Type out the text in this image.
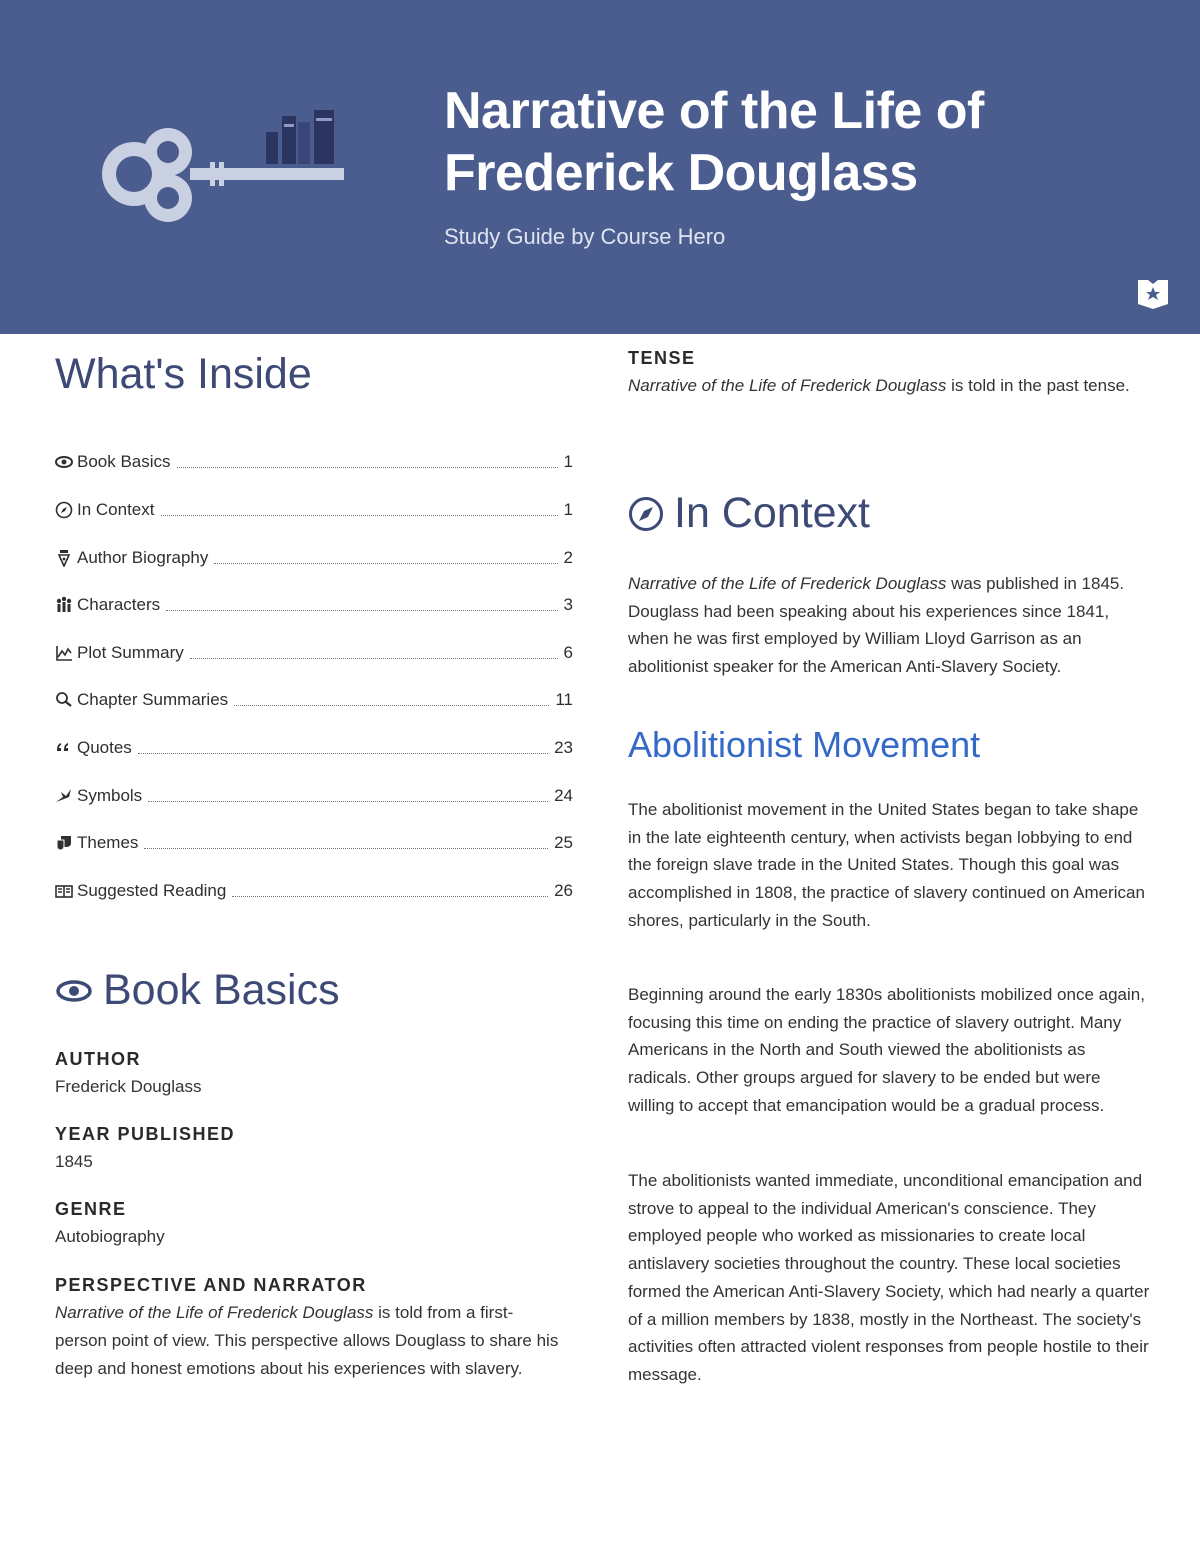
Narrative of the Life of
Frederick Douglass

Study Guide by Course Hero

What's Inside
Book Basics	1
In Context	1
Author Biography	2
Characters	3
Plot Summary	6
Chapter Summaries	11
Quotes	23
Symbols	24
Themes	25
Suggested Reading	26
Book Basics

AUTHOR

Frederick Douglass

YEAR PUBLISHED

1845

GENRE

Autobiography

PERSPECTIVE AND NARRATOR

Narrative of the Life of Frederick Douglass is told from a first-person point of view. This perspective allows Douglass to share his deep and honest emotions about his experiences with slavery.

TENSE

Narrative of the Life of Frederick Douglass is told in the past tense.

In Context

Narrative of the Life of Frederick Douglass was published in 1845. Douglass had been speaking about his experiences since 1841, when he was first employed by William Lloyd Garrison as an abolitionist speaker for the American Anti-Slavery Society.

Abolitionist Movement

The abolitionist movement in the United States began to take shape in the late eighteenth century, when activists began lobbying to end the foreign slave trade in the United States. Though this goal was accomplished in 1808, the practice of slavery continued on American shores, particularly in the South.

Beginning around the early 1830s abolitionists mobilized once again, focusing this time on ending the practice of slavery outright. Many Americans in the North and South viewed the abolitionists as radicals. Other groups argued for slavery to be ended but were willing to accept that emancipation would be a gradual process.

The abolitionists wanted immediate, unconditional emancipation and strove to appeal to the individual American's conscience. They employed people who worked as missionaries to create local antislavery societies throughout the country. These local societies formed the American Anti-Slavery Society, which had nearly a quarter of a million members by 1838, mostly in the Northeast. The society's activities often attracted violent responses from people hostile to their message.
